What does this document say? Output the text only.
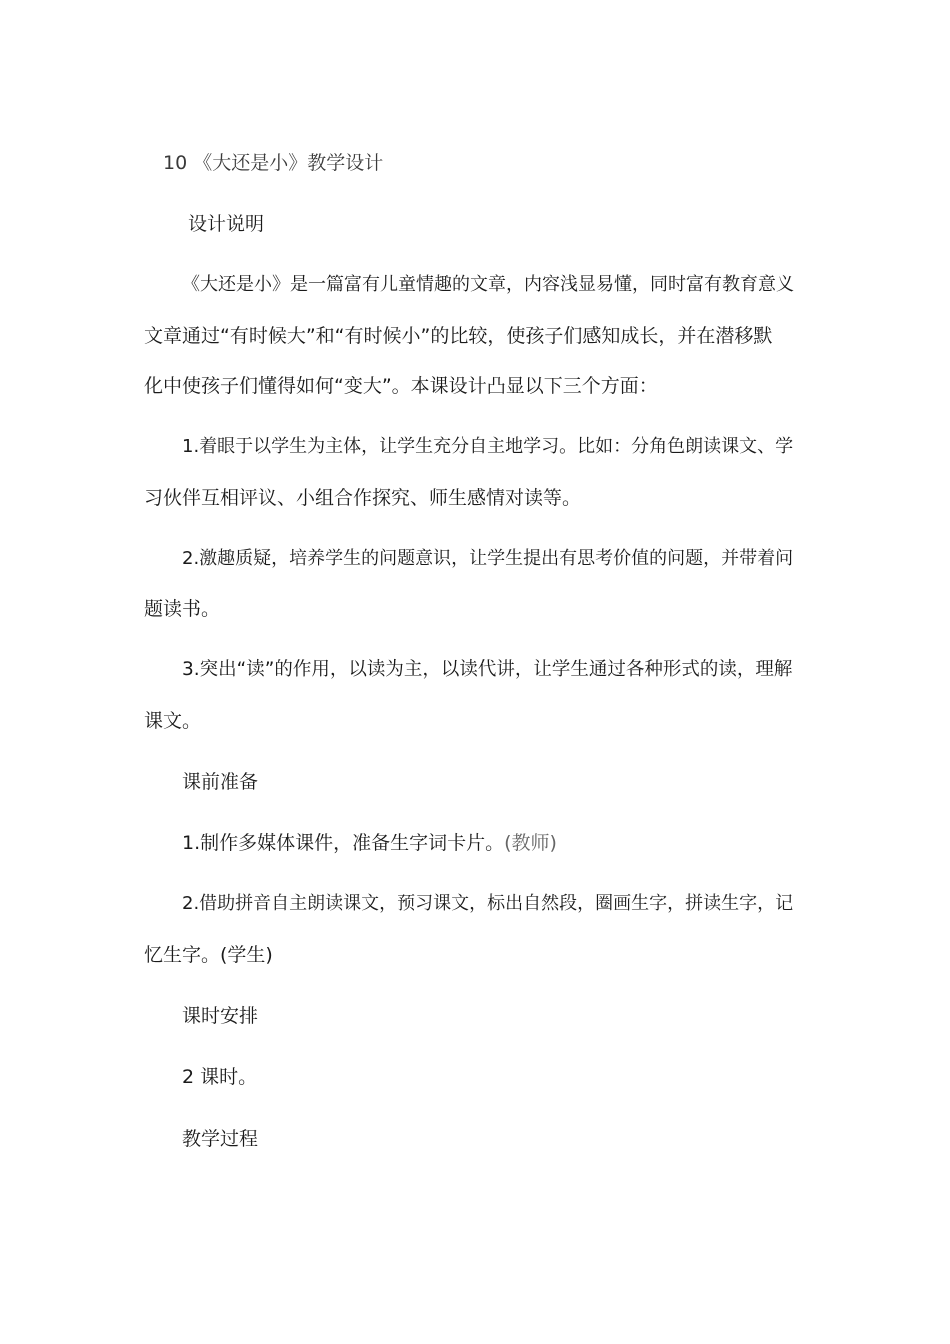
10 《大还是小》教学设计
设计说明
《大还是小》是一篇富有儿童情趣的文章，内容浅显易懂，同时富有教育意义
文章通过“有时候大”和“有时候小”的比较，使孩子们感知成长，并在潜移默
化中使孩子们懂得如何“变大”。本课设计凸显以下三个方面：
1.着眼于以学生为主体，让学生充分自主地学习。比如：分角色朗读课文、学
习伙伴互相评议、小组合作探究、师生感情对读等。
2.激趣质疑，培养学生的问题意识，让学生提出有思考价值的问题，并带着问
题读书。
3.突出“读”的作用，以读为主，以读代讲，让学生通过各种形式的读，理解
课文。
课前准备
1.制作多媒体课件，准备生字词卡片。(教师)
2.借助拼音自主朗读课文，预习课文，标出自然段，圈画生字，拼读生字，记
忆生字。(学生)
课时安排
2 课时。
教学过程
